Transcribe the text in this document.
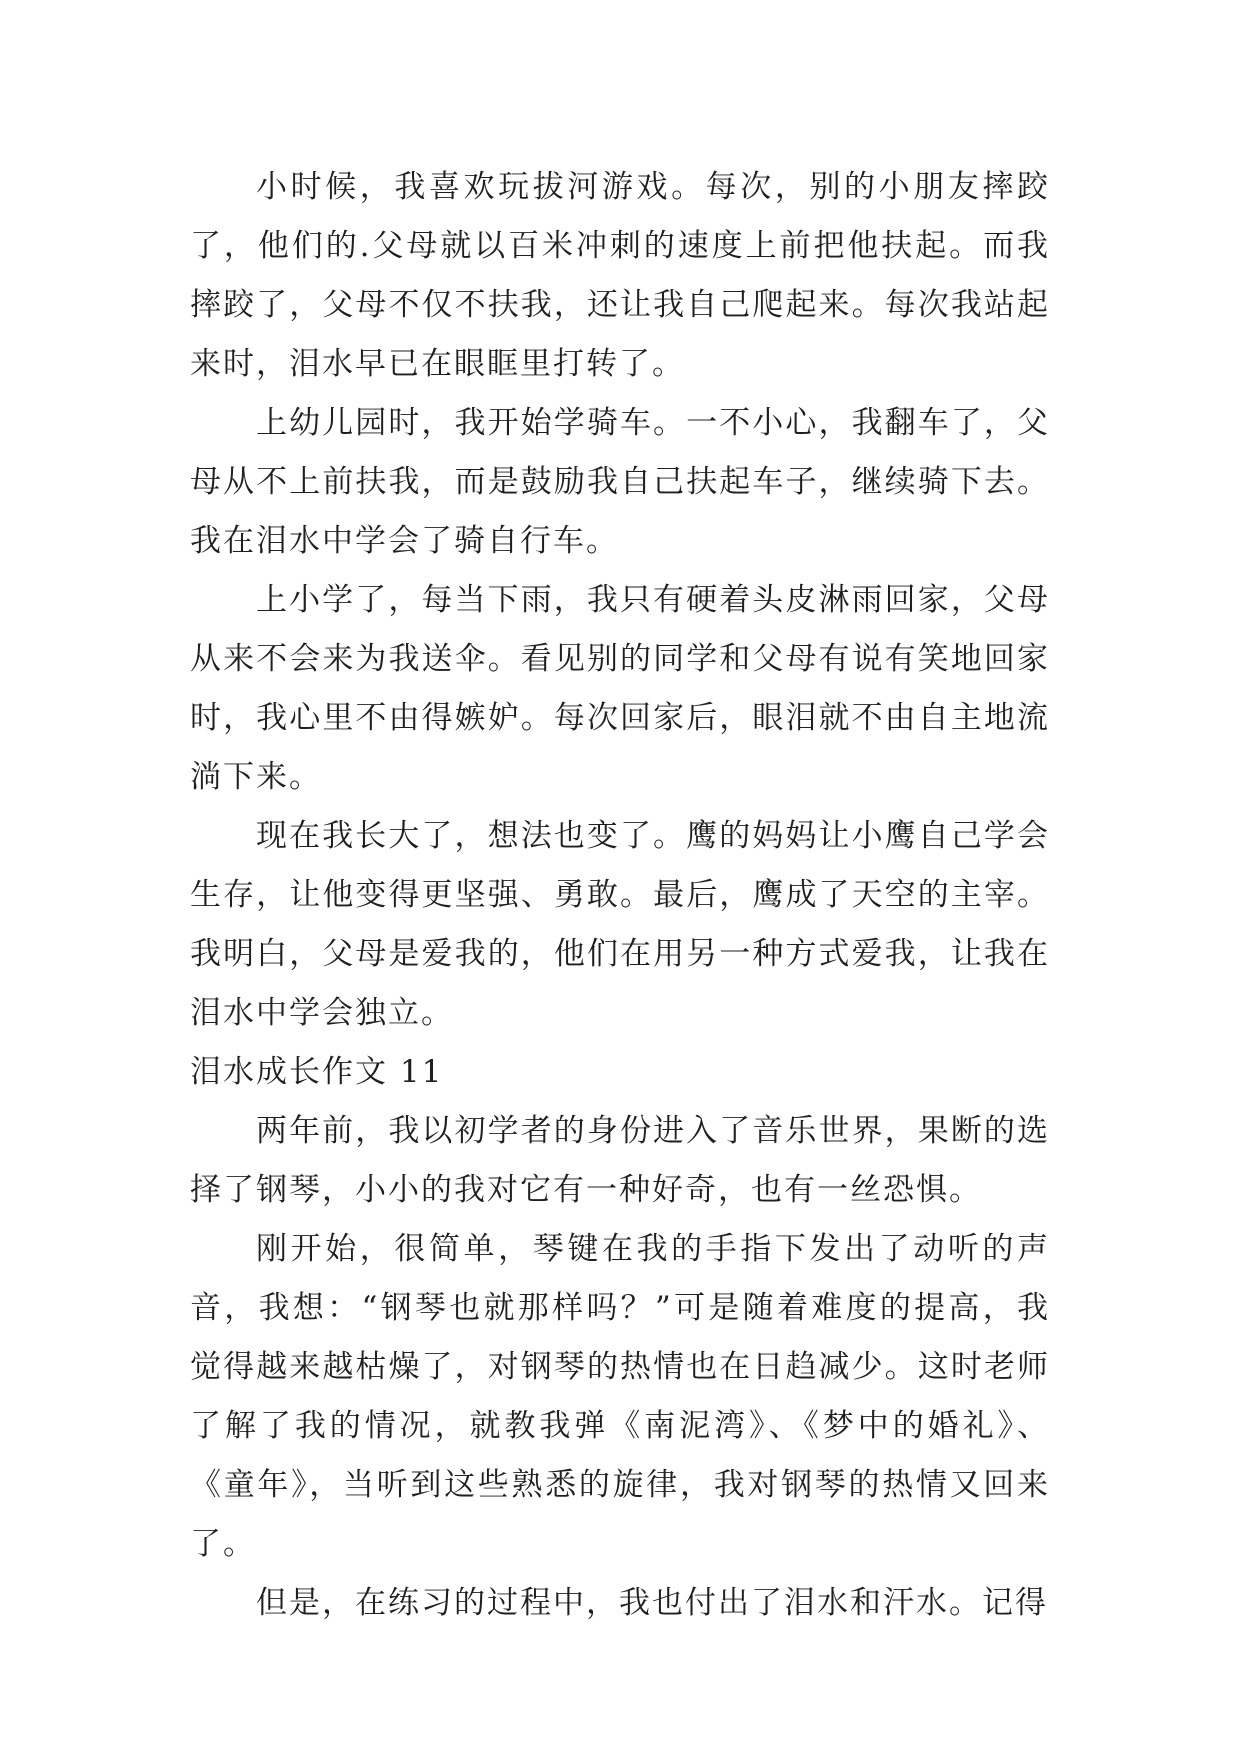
小时候，我喜欢玩拔河游戏。每次，别的小朋友摔跤了，他们的.父母就以百米冲刺的速度上前把他扶起。而我摔跤了，父母不仅不扶我，还让我自己爬起来。每次我站起来时，泪水早已在眼眶里打转了。

上幼儿园时，我开始学骑车。一不小心，我翻车了，父母从不上前扶我，而是鼓励我自己扶起车子，继续骑下去。我在泪水中学会了骑自行车。

上小学了，每当下雨，我只有硬着头皮淋雨回家，父母从来不会来为我送伞。看见别的同学和父母有说有笑地回家时，我心里不由得嫉妒。每次回家后，眼泪就不由自主地流淌下来。

现在我长大了，想法也变了。鹰的妈妈让小鹰自己学会生存，让他变得更坚强、勇敢。最后，鹰成了天空的主宰。我明白，父母是爱我的，他们在用另一种方式爱我，让我在泪水中学会独立。

泪水成长作文 11

两年前，我以初学者的身份进入了音乐世界，果断的选择了钢琴，小小的我对它有一种好奇，也有一丝恐惧。

刚开始，很简单，琴键在我的手指下发出了动听的声音，我想：“钢琴也就那样吗？”可是随着难度的提高，我觉得越来越枯燥了，对钢琴的热情也在日趋减少。这时老师了解了我的情况，就教我弹《南泥湾》、《梦中的婚礼》、《童年》，当听到这些熟悉的旋律，我对钢琴的热情又回来了。

但是，在练习的过程中，我也付出了泪水和汗水。记得
